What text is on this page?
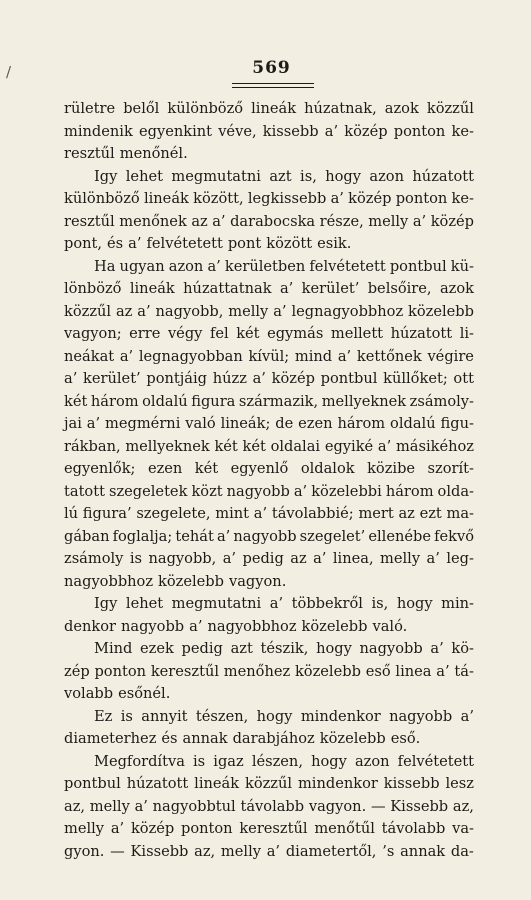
/	569
rületre belől különböző lineák húzatnak, azok közzűl
mindenik egyenkint véve, kissebb a’ közép ponton ke-
resztűl menőnél.
Igy lehet megmutatni azt is, hogy azon húzatott
különböző lineák között, legkissebb a’ közép ponton ke-
resztűl menőnek az a’ darabocska része, melly a’ közép
pont, és a’ felvétetett pont között esik.
Ha ugyan azon a’ kerületben felvétetett pontbul kü-
lönböző lineák húzattatnak a’ kerület’ belsőire, azok
közzűl az a’ nagyobb, melly a’ legnagyobbhoz közelebb
vagyon; erre végy fel két egymás mellett húzatott li-
neákat a’ legnagyobban kívül; mind a’ kettőnek végire
a’ kerület’ pontjáig húzz a’ közép pontbul küllőket; ott
két három oldalú figura származik, mellyeknek zsámoly-
jai a’ megmérni való lineák; de ezen három oldalú figu-
rákban, mellyeknek két két oldalai egyiké a’ másikéhoz
egyenlők; ezen két egyenlő oldalok közibe szorít-
tatott szegeletek közt nagyobb a’ közelebbi három olda-
lú figura’ szegelete, mint a’ távolabbié; mert az ezt ma-
gában foglalja; tehát a’ nagyobb szegelet’ ellenébe fekvő
zsámoly is nagyobb, a’ pedig az a’ linea, melly a’ leg-
nagyobbhoz közelebb vagyon.
Igy lehet megmutatni a’ többekről is, hogy min-
denkor nagyobb a’ nagyobbhoz közelebb való.
Mind ezek pedig azt tészik, hogy nagyobb a’ kö-
zép ponton keresztűl menőhez közelebb eső linea a’ tá-
volabb esőnél.
Ez is annyit tészen, hogy mindenkor nagyobb a’
diameterhez és annak darabjához közelebb eső.
Megfordítva is igaz lészen, hogy azon felvétetett
pontbul húzatott lineák közzűl mindenkor kissebb lesz
az, melly a’ nagyobbtul távolabb vagyon. — Kissebb az,
melly a’ közép ponton keresztűl menőtűl távolabb va-
gyon. — Kissebb az, melly a’ diametertől, ’s annak da-
